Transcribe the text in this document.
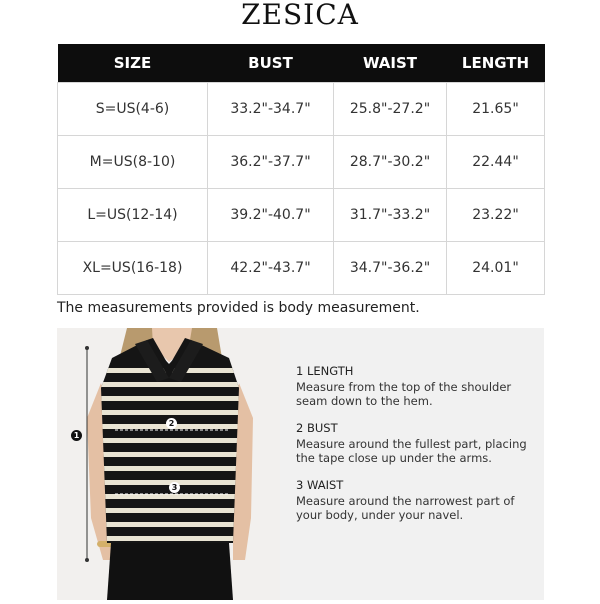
ZESICA
SIZE	BUST	WAIST	LENGTH
S=US(4-6)	33.2"-34.7"	25.8"-27.2"	21.65"
M=US(8-10)	36.2"-37.7"	28.7"-30.2"	22.44"
L=US(12-14)	39.2"-40.7"	31.7"-33.2"	23.22"
XL=US(16-18)	42.2"-43.7"	34.7"-36.2"	24.01"
The measurements provided is body measurement.
1
2
3
1 LENGTH
Measure from the top of the shoulder seam down to the hem.
2 BUST
Measure around the fullest part, placing the tape close up under the arms.
3 WAIST
Measure around the narrowest part of your body, under your navel.
